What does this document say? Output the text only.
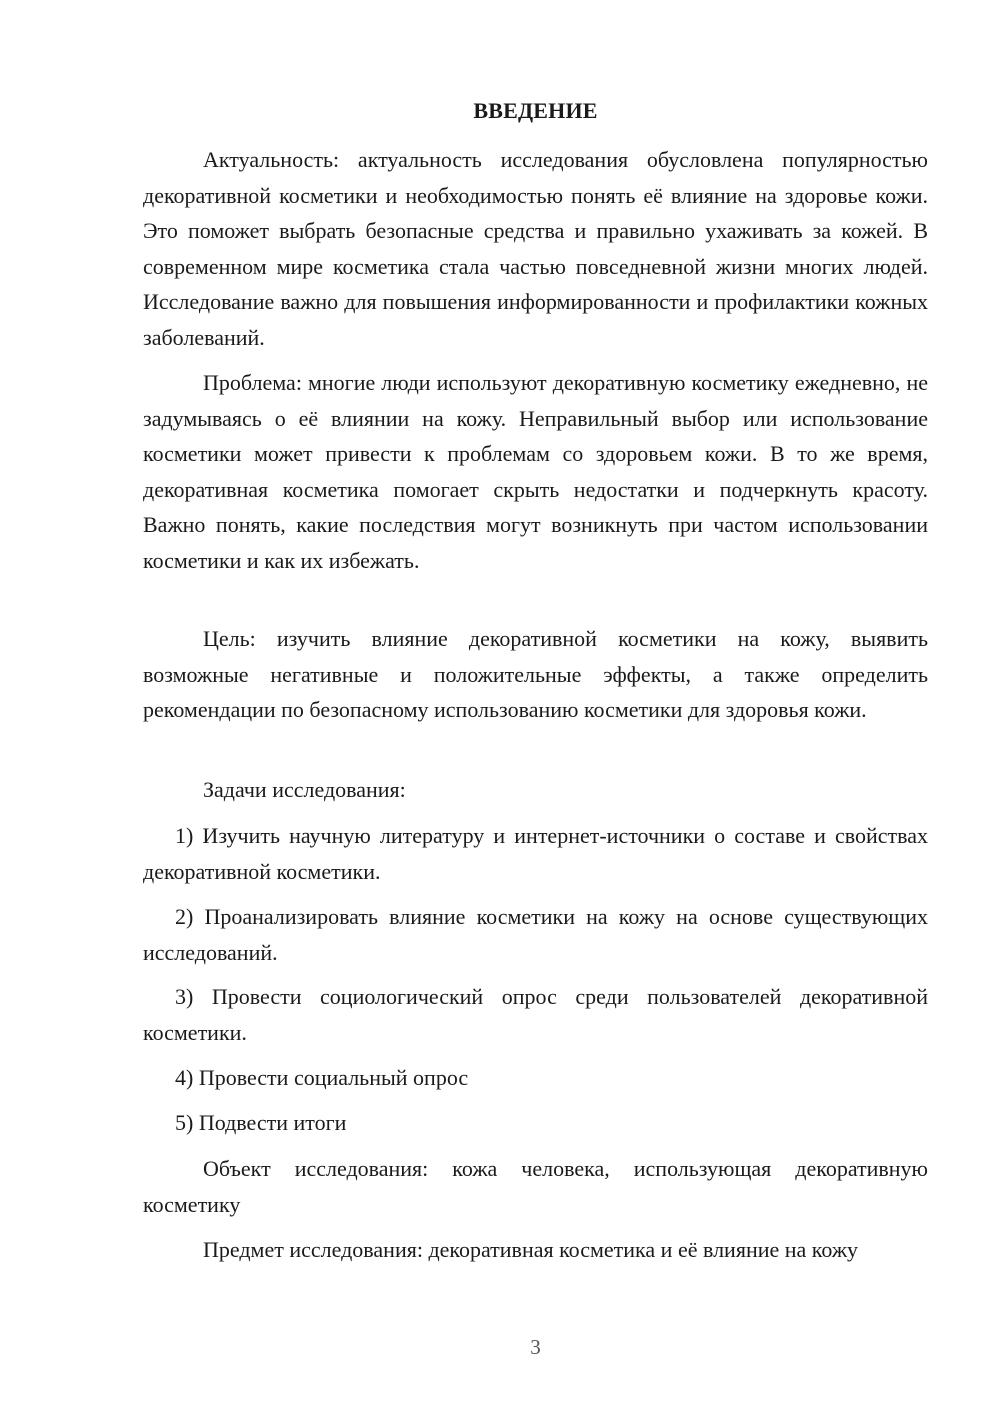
ВВЕДЕНИЕ

Актуальность: актуальность исследования обусловлена популярностью декоративной косметики и необходимостью понять её влияние на здоровье кожи. Это поможет выбрать безопасные средства и правильно ухаживать за кожей. В современном мире косметика стала частью повседневной жизни многих людей. Исследование важно для повышения информированности и профилактики кожных заболеваний.

Проблема: многие люди используют декоративную косметику ежедневно, не задумываясь о её влиянии на кожу. Неправильный выбор или использование косметики может привести к проблемам со здоровьем кожи. В то же время, декоративная косметика помогает скрыть недостатки и подчеркнуть красоту. Важно понять, какие последствия могут возникнуть при частом использовании косметики и как их избежать.

Цель: изучить влияние декоративной косметики на кожу, выявить возможные негативные и положительные эффекты, а также определить рекомендации по безопасному использованию косметики для здоровья кожи.

Задачи исследования:

1) Изучить научную литературу и интернет-источники о составе и свойствах декоративной косметики.

2) Проанализировать влияние косметики на кожу на основе существующих исследований.

3) Провести социологический опрос среди пользователей декоративной косметики.

4) Провести социальный опрос

5) Подвести итоги

Объект исследования: кожа человека, использующая декоративную косметику

Предмет исследования: декоративная косметика и её влияние на кожу

3
